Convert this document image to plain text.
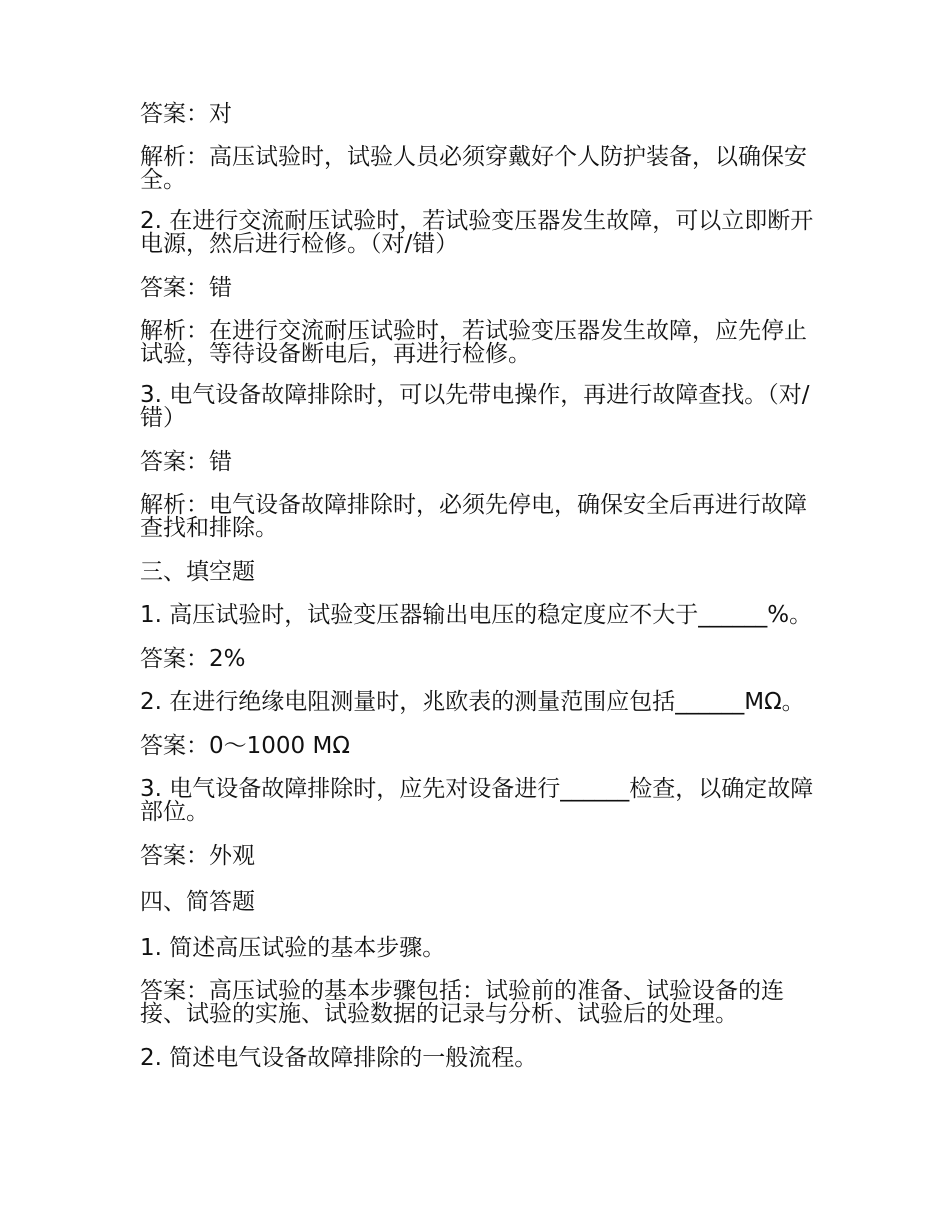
答案：对

解析：高压试验时，试验人员必须穿戴好个人防护装备，以确保安全。

2. 在进行交流耐压试验时，若试验变压器发生故障，可以立即断开电源，然后进行检修。（对/错）

答案：错

解析：在进行交流耐压试验时，若试验变压器发生故障，应先停止试验，等待设备断电后，再进行检修。

3. 电气设备故障排除时，可以先带电操作，再进行故障查找。（对/错）

答案：错

解析：电气设备故障排除时，必须先停电，确保安全后再进行故障查找和排除。

三、填空题

1. 高压试验时，试验变压器输出电压的稳定度应不大于______%。

答案：2%

2. 在进行绝缘电阻测量时，兆欧表的测量范围应包括______MΩ。

答案：0～1000 MΩ

3. 电气设备故障排除时，应先对设备进行______检查，以确定故障部位。

答案：外观

四、简答题

1. 简述高压试验的基本步骤。

答案：高压试验的基本步骤包括：试验前的准备、试验设备的连接、试验的实施、试验数据的记录与分析、试验后的处理。

2. 简述电气设备故障排除的一般流程。
